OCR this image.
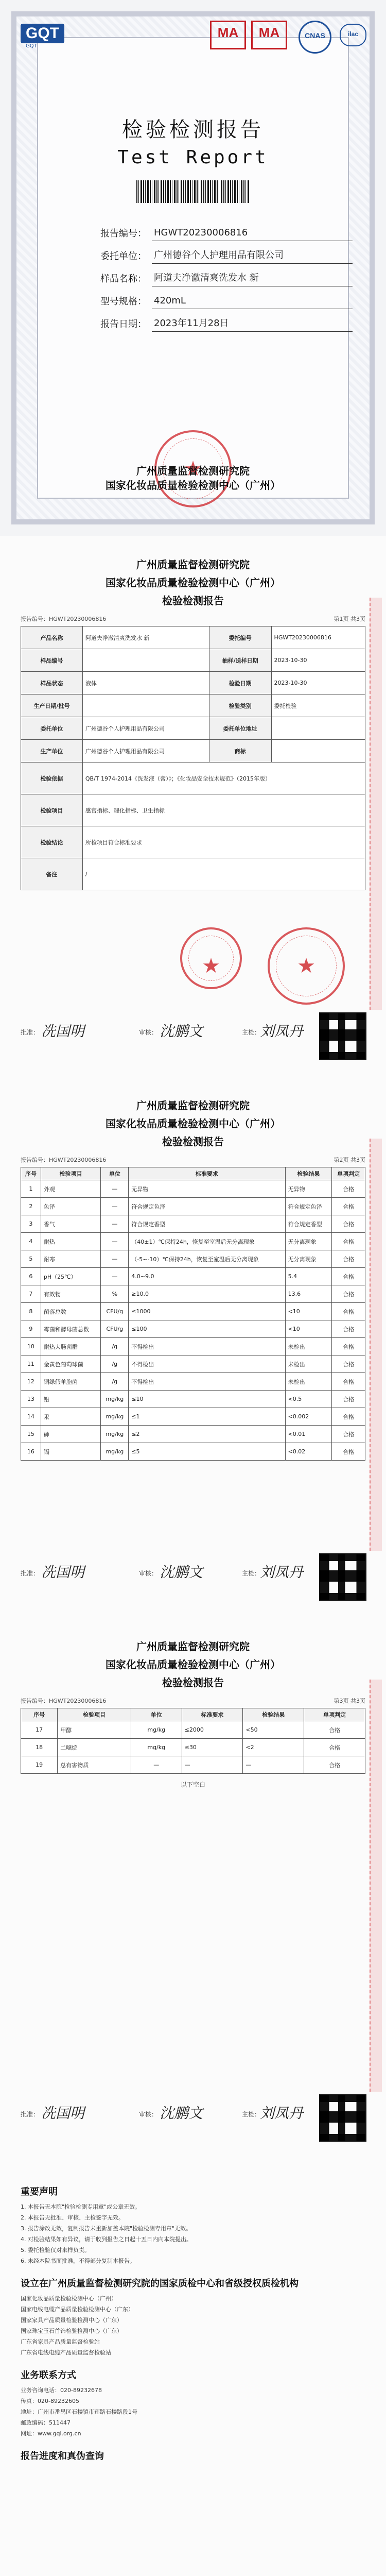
GQT
GQT
MA	MA	CNAS	ilac
检验检测报告
Test Report
报告编号： HGWT20230006816
委托单位： 广州德谷个人护理用品有限公司
样品名称： 阿道夫净澈清爽洗发水 新
型号规格： 420mL
报告日期： 2023年11月28日
★
广州质量监督检测研究院
国家化妆品质量检验检测中心（广州）
广州质量监督检测研究院
国家化妆品质量检验检测中心（广州）
检验检测报告
报告编号：HGWT20230006816	第1页 共3页
产品名称	阿道夫净澈清爽洗发水 新	委托编号	HGWT20230006816
样品编号		抽样/送样日期	2023-10-30
样品状态	液体	检验日期	2023-10-30
生产日期/批号		检验类别	委托检验
委托单位	广州德谷个人护理用品有限公司	委托单位地址	
生产单位	广州德谷个人护理用品有限公司	商标	
检验依据	QB/T 1974-2014《洗发液（膏）》；《化妆品安全技术规范》（2015年版）		
检验项目	感官指标、理化指标、卫生指标		
检验结论	所检项目符合标准要求		
备注	/		
★
★
批准： 冼国明	审核： 沈鹏文	主检：
刘凤丹
广州质量监督检测研究院
国家化妆品质量检验检测中心（广州）
检验检测报告
报告编号：HGWT20230006816	第2页 共3页
序号	检验项目	单位	标准要求	检验结果	单项判定
1	外观	—	无异物	无异物	合格
2	色泽	—	符合规定色泽	符合规定色泽	合格
3	香气	—	符合规定香型	符合规定香型	合格
4	耐热	—	（40±1）℃保持24h，恢复至室温后无分离现象	无分离现象	合格
5	耐寒	—	（-5~-10）℃保持24h，恢复至室温后无分离现象	无分离现象	合格
6	pH（25℃）	—	4.0~9.0	5.4	合格
7	有效物	%	≥10.0	13.6	合格
8	菌落总数	CFU/g	≤1000	<10	合格
9	霉菌和酵母菌总数	CFU/g	≤100	<10	合格
10	耐热大肠菌群	/g	不得检出	未检出	合格
11	金黄色葡萄球菌	/g	不得检出	未检出	合格
12	铜绿假单胞菌	/g	不得检出	未检出	合格
13	铅	mg/kg	≤10	<0.5	合格
14	汞	mg/kg	≤1	<0.002	合格
15	砷	mg/kg	≤2	<0.01	合格
16	镉	mg/kg	≤5	<0.02	合格
批准： 冼国明	审核： 沈鹏文	主检：
刘凤丹
广州质量监督检测研究院
国家化妆品质量检验检测中心（广州）
检验检测报告
报告编号：HGWT20230006816	第3页 共3页
序号	检验项目	单位	标准要求	检验结果	单项判定
17	甲醇	mg/kg	≤2000	<50	合格
18	二噁烷	mg/kg	≤30	<2	合格
19	总有害物质	—	—	—	合格
以下空白
批准： 冼国明	审核： 沈鹏文	主检：
刘凤丹
重要声明
1. 本报告无本院"检验检测专用章"或公章无效。
2. 本报告无批准、审核、主检签字无效。
3. 报告涂改无效，复制报告未重新加盖本院"检验检测专用章"无效。
4. 对检验结果如有异议，请于收到报告之日起十五日内向本院提出。
5. 委托检验仅对来样负责。
6. 未经本院书面批准，不得部分复制本报告。
设立在广州质量监督检测研究院的国家质检中心和省级授权质检机构
国家化妆品质量检验检测中心（广州）
国家电线电缆产品质量检验检测中心（广东）
国家家具产品质量检验检测中心（广东）
国家珠宝玉石首饰检验检测中心（广东）
广东省家具产品质量监督检验站
广东省电线电缆产品质量监督检验站
业务联系方式
业务咨询电话：020-89232678
传真：020-89232605
地址：广州市番禺区石楼镇市莲路石楼路段1号
邮政编码：511447
网址：www.gqi.org.cn
报告进度和真伪查询
